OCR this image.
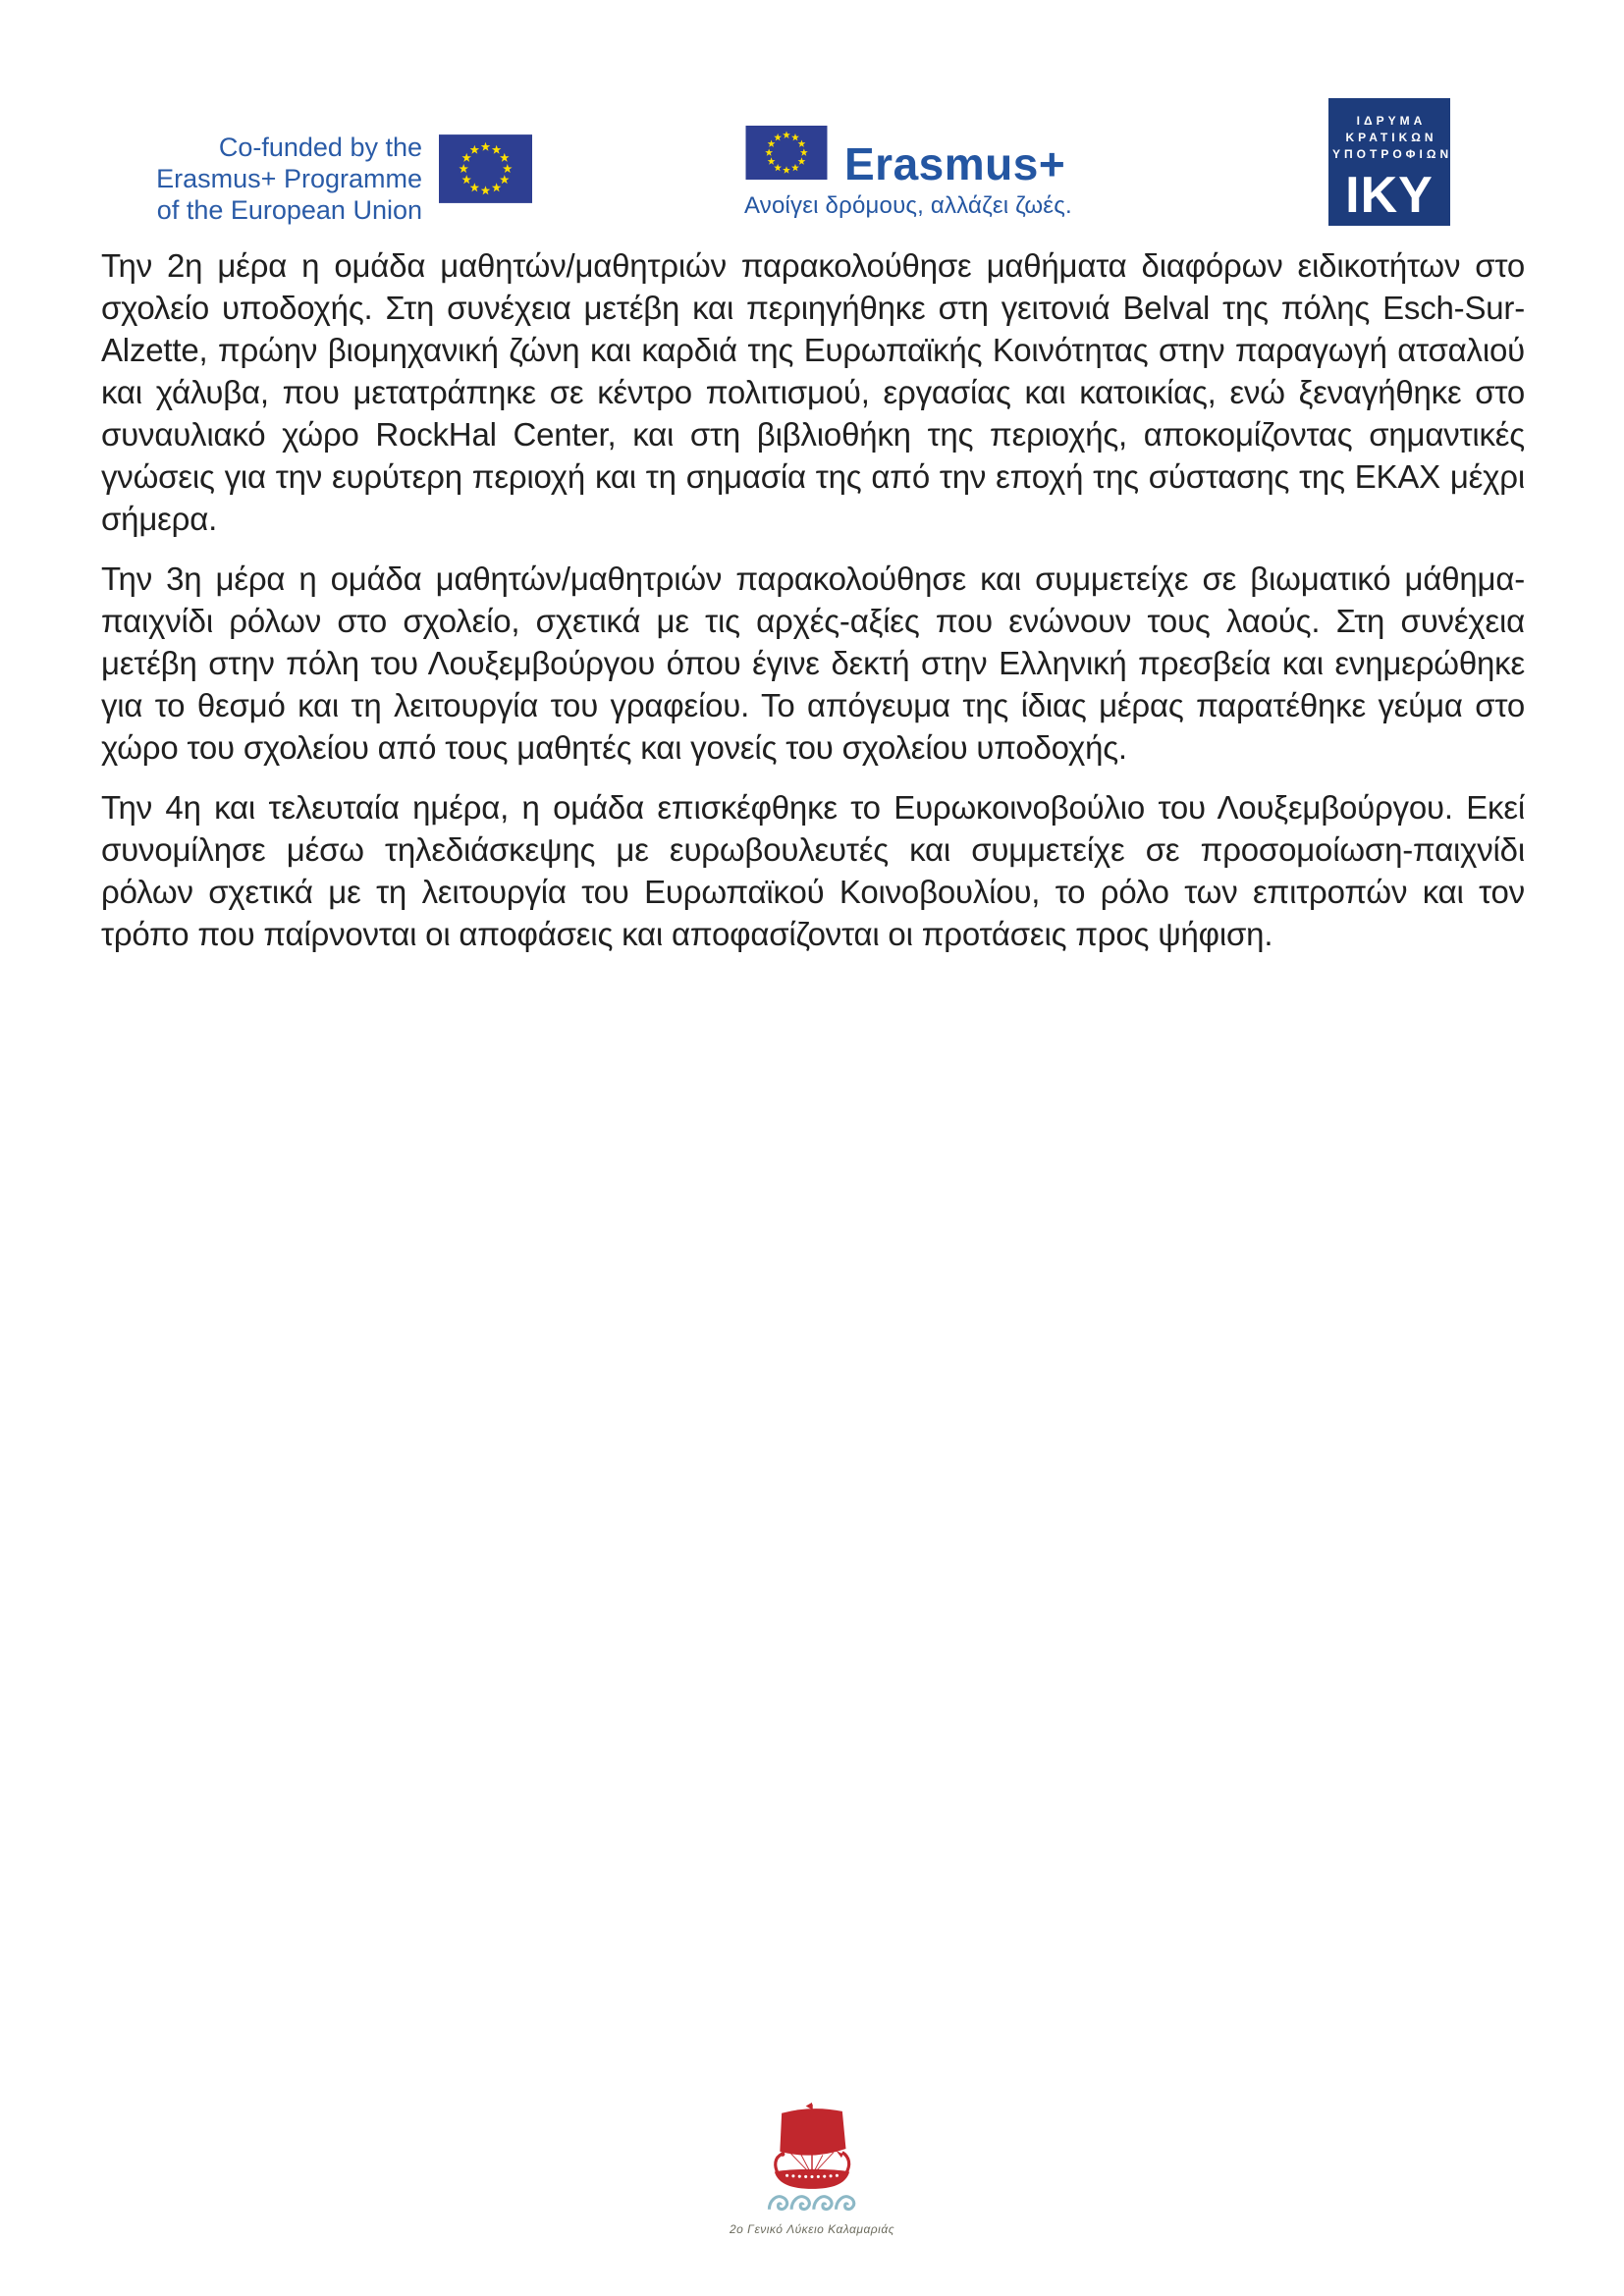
Co-funded by the
Erasmus+ Programme
of the European Union
Erasmus+
Ανοίγει δρόμους, αλλάζει ζωές.
ΙΔΡΥΜΑ
ΚΡΑΤΙΚΩΝ
ΥΠΟΤΡΟΦΙΩΝ
IKY

Την 2η μέρα η ομάδα μαθητών/μαθητριών παρακολούθησε μαθήματα διαφόρων ειδικοτήτων στο σχολείο υποδοχής. Στη συνέχεια μετέβη και περιηγήθηκε στη γειτονιά Belval της πόλης Esch-Sur-Alzette, πρώην βιομηχανική ζώνη και καρδιά της Ευρωπαϊκής Κοινότητας στην παραγωγή ατσαλιού και χάλυβα, που μετατράπηκε σε κέντρο πολιτισμού, εργασίας και κατοικίας, ενώ ξεναγήθηκε στο συναυλιακό χώρο RockHal Center, και στη βιβλιοθήκη της περιοχής, αποκομίζοντας σημαντικές γνώσεις για την ευρύτερη περιοχή και τη σημασία της από την εποχή της σύστασης της ΕΚΑΧ μέχρι σήμερα.

Την 3η μέρα η ομάδα μαθητών/μαθητριών παρακολούθησε και συμμετείχε σε βιωματικό μάθημα-παιχνίδι ρόλων στο σχολείο, σχετικά με τις αρχές-αξίες που ενώνουν τους λαούς. Στη συνέχεια μετέβη στην πόλη του Λουξεμβούργου όπου έγινε δεκτή στην Ελληνική πρεσβεία και ενημερώθηκε για το θεσμό και τη λειτουργία του γραφείου. Το απόγευμα της ίδιας μέρας παρατέθηκε γεύμα στο χώρο του σχολείου από τους μαθητές και γονείς του σχολείου υποδοχής.

Την 4η και τελευταία ημέρα, η ομάδα επισκέφθηκε το Ευρωκοινοβούλιο του Λουξεμβούργου. Εκεί συνομίλησε μέσω τηλεδιάσκεψης με ευρωβουλευτές και συμμετείχε σε προσομοίωση-παιχνίδι ρόλων σχετικά με τη λειτουργία του Ευρωπαϊκού Κοινοβουλίου, το ρόλο των επιτροπών και τον τρόπο που παίρνονται οι αποφάσεις και αποφασίζονται οι προτάσεις προς ψήφιση.

2ο Γενικό Λύκειο Καλαμαριάς
